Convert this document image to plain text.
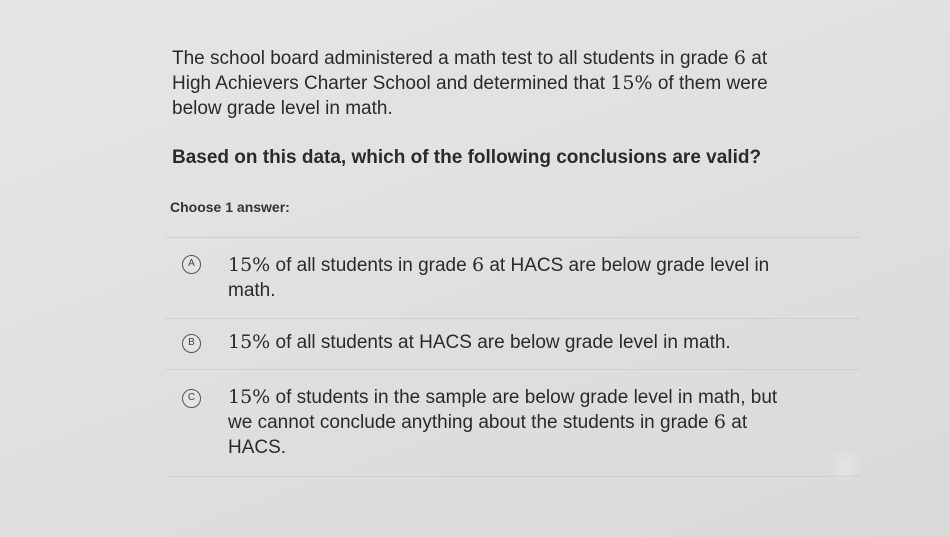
The school board administered a math test to all students in grade 6 at
High Achievers Charter School and determined that 15% of them were
below grade level in math.
Based on this data, which of the following conclusions are valid?
Choose 1 answer:
A	15% of all students in grade 6 at HACS are below grade level in
math.
B	15% of all students at HACS are below grade level in math.
C	15% of students in the sample are below grade level in math, but
we cannot conclude anything about the students in grade 6 at
HACS.
